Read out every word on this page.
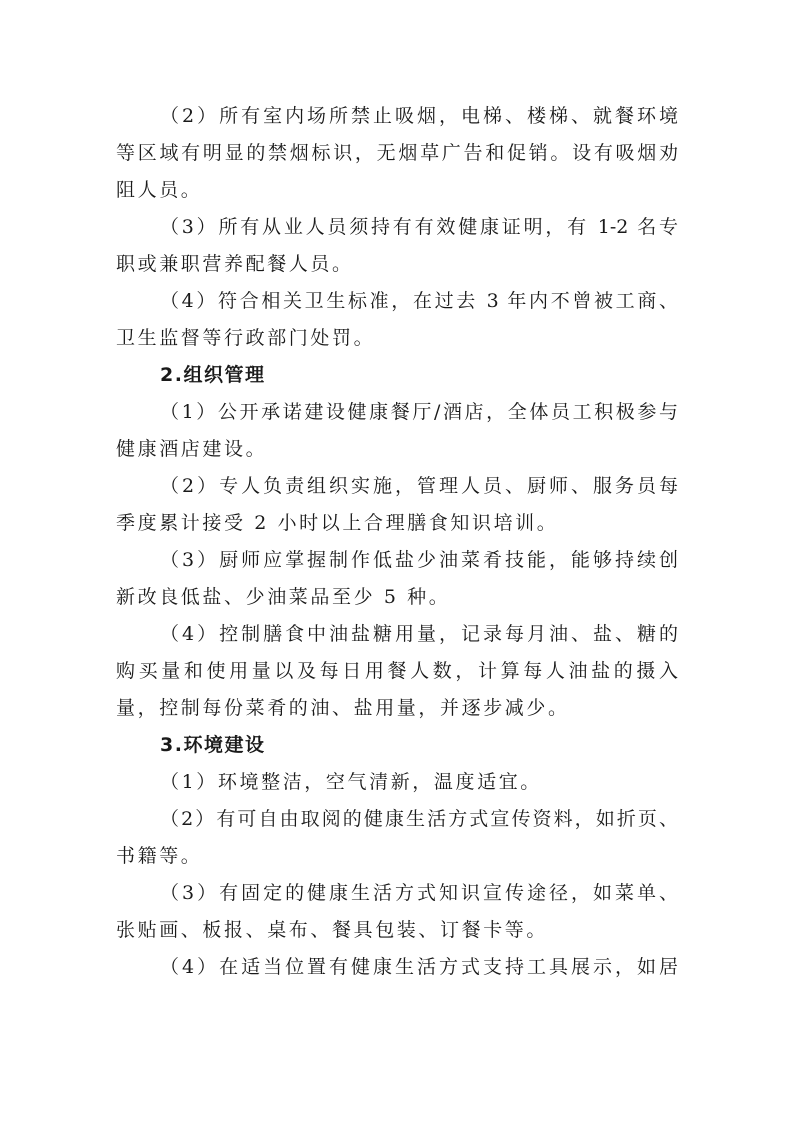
（2）所有室内场所禁止吸烟，电梯、楼梯、就餐环境
等区域有明显的禁烟标识，无烟草广告和促销。设有吸烟劝
阻人员。
（3）所有从业人员须持有有效健康证明，有 1-2 名专
职或兼职营养配餐人员。
（4）符合相关卫生标准，在过去 3 年内不曾被工商、
卫生监督等行政部门处罚。
2.组织管理
（1）公开承诺建设健康餐厅/酒店，全体员工积极参与
健康酒店建设。
（2）专人负责组织实施，管理人员、厨师、服务员每
季度累计接受 2 小时以上合理膳食知识培训。
（3）厨师应掌握制作低盐少油菜肴技能，能够持续创
新改良低盐、少油菜品至少 5 种。
（4）控制膳食中油盐糖用量，记录每月油、盐、糖的
购买量和使用量以及每日用餐人数，计算每人油盐的摄入
量，控制每份菜肴的油、盐用量，并逐步减少。
3.环境建设
（1）环境整洁，空气清新，温度适宜。
（2）有可自由取阅的健康生活方式宣传资料，如折页、
书籍等。
（3）有固定的健康生活方式知识宣传途径，如菜单、
张贴画、板报、桌布、餐具包装、订餐卡等。
（4）在适当位置有健康生活方式支持工具展示，如居
